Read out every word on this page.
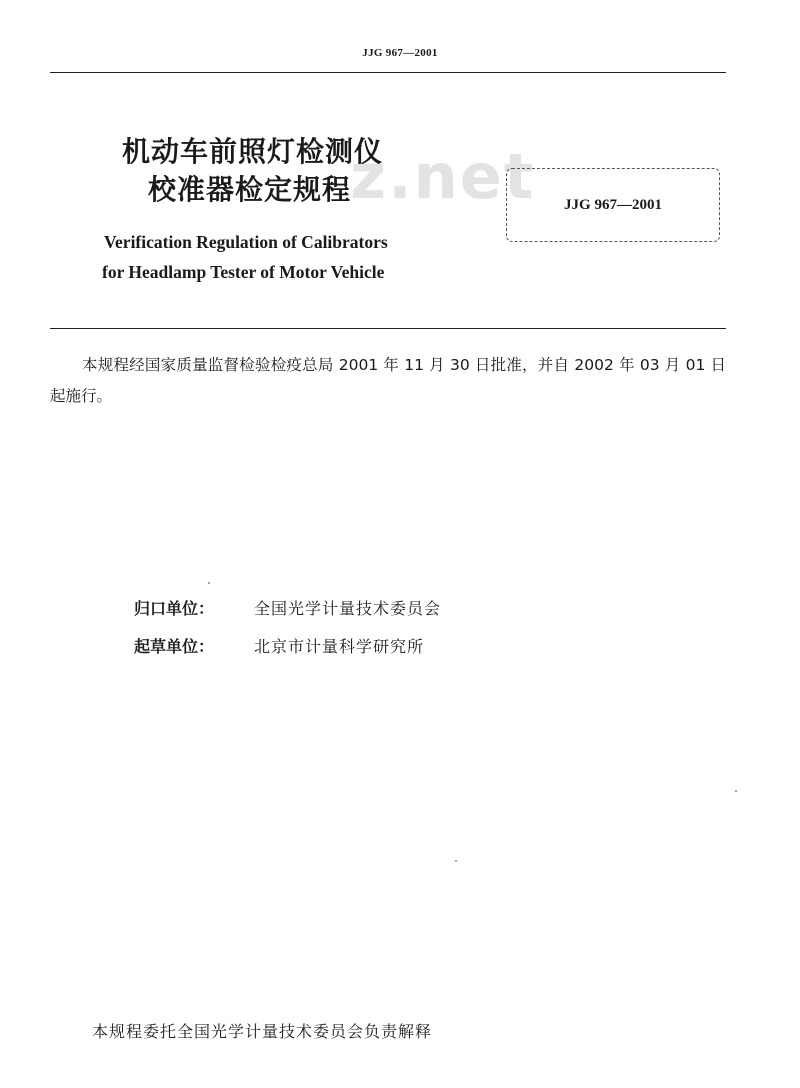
JJG 967—2001
z.net
机动车前照灯检测仪
校准器检定规程	JJG 967—2001
Verification Regulation of Calibrators
for Headlamp Tester of Motor Vehicle
本规程经国家质量监督检验检疫总局 2001 年 11 月 30 日批准，并自 2002 年 03 月 01 日起施行。
归口单位： 全国光学计量技术委员会
起草单位： 北京市计量科学研究所
本规程委托全国光学计量技术委员会负责解释
